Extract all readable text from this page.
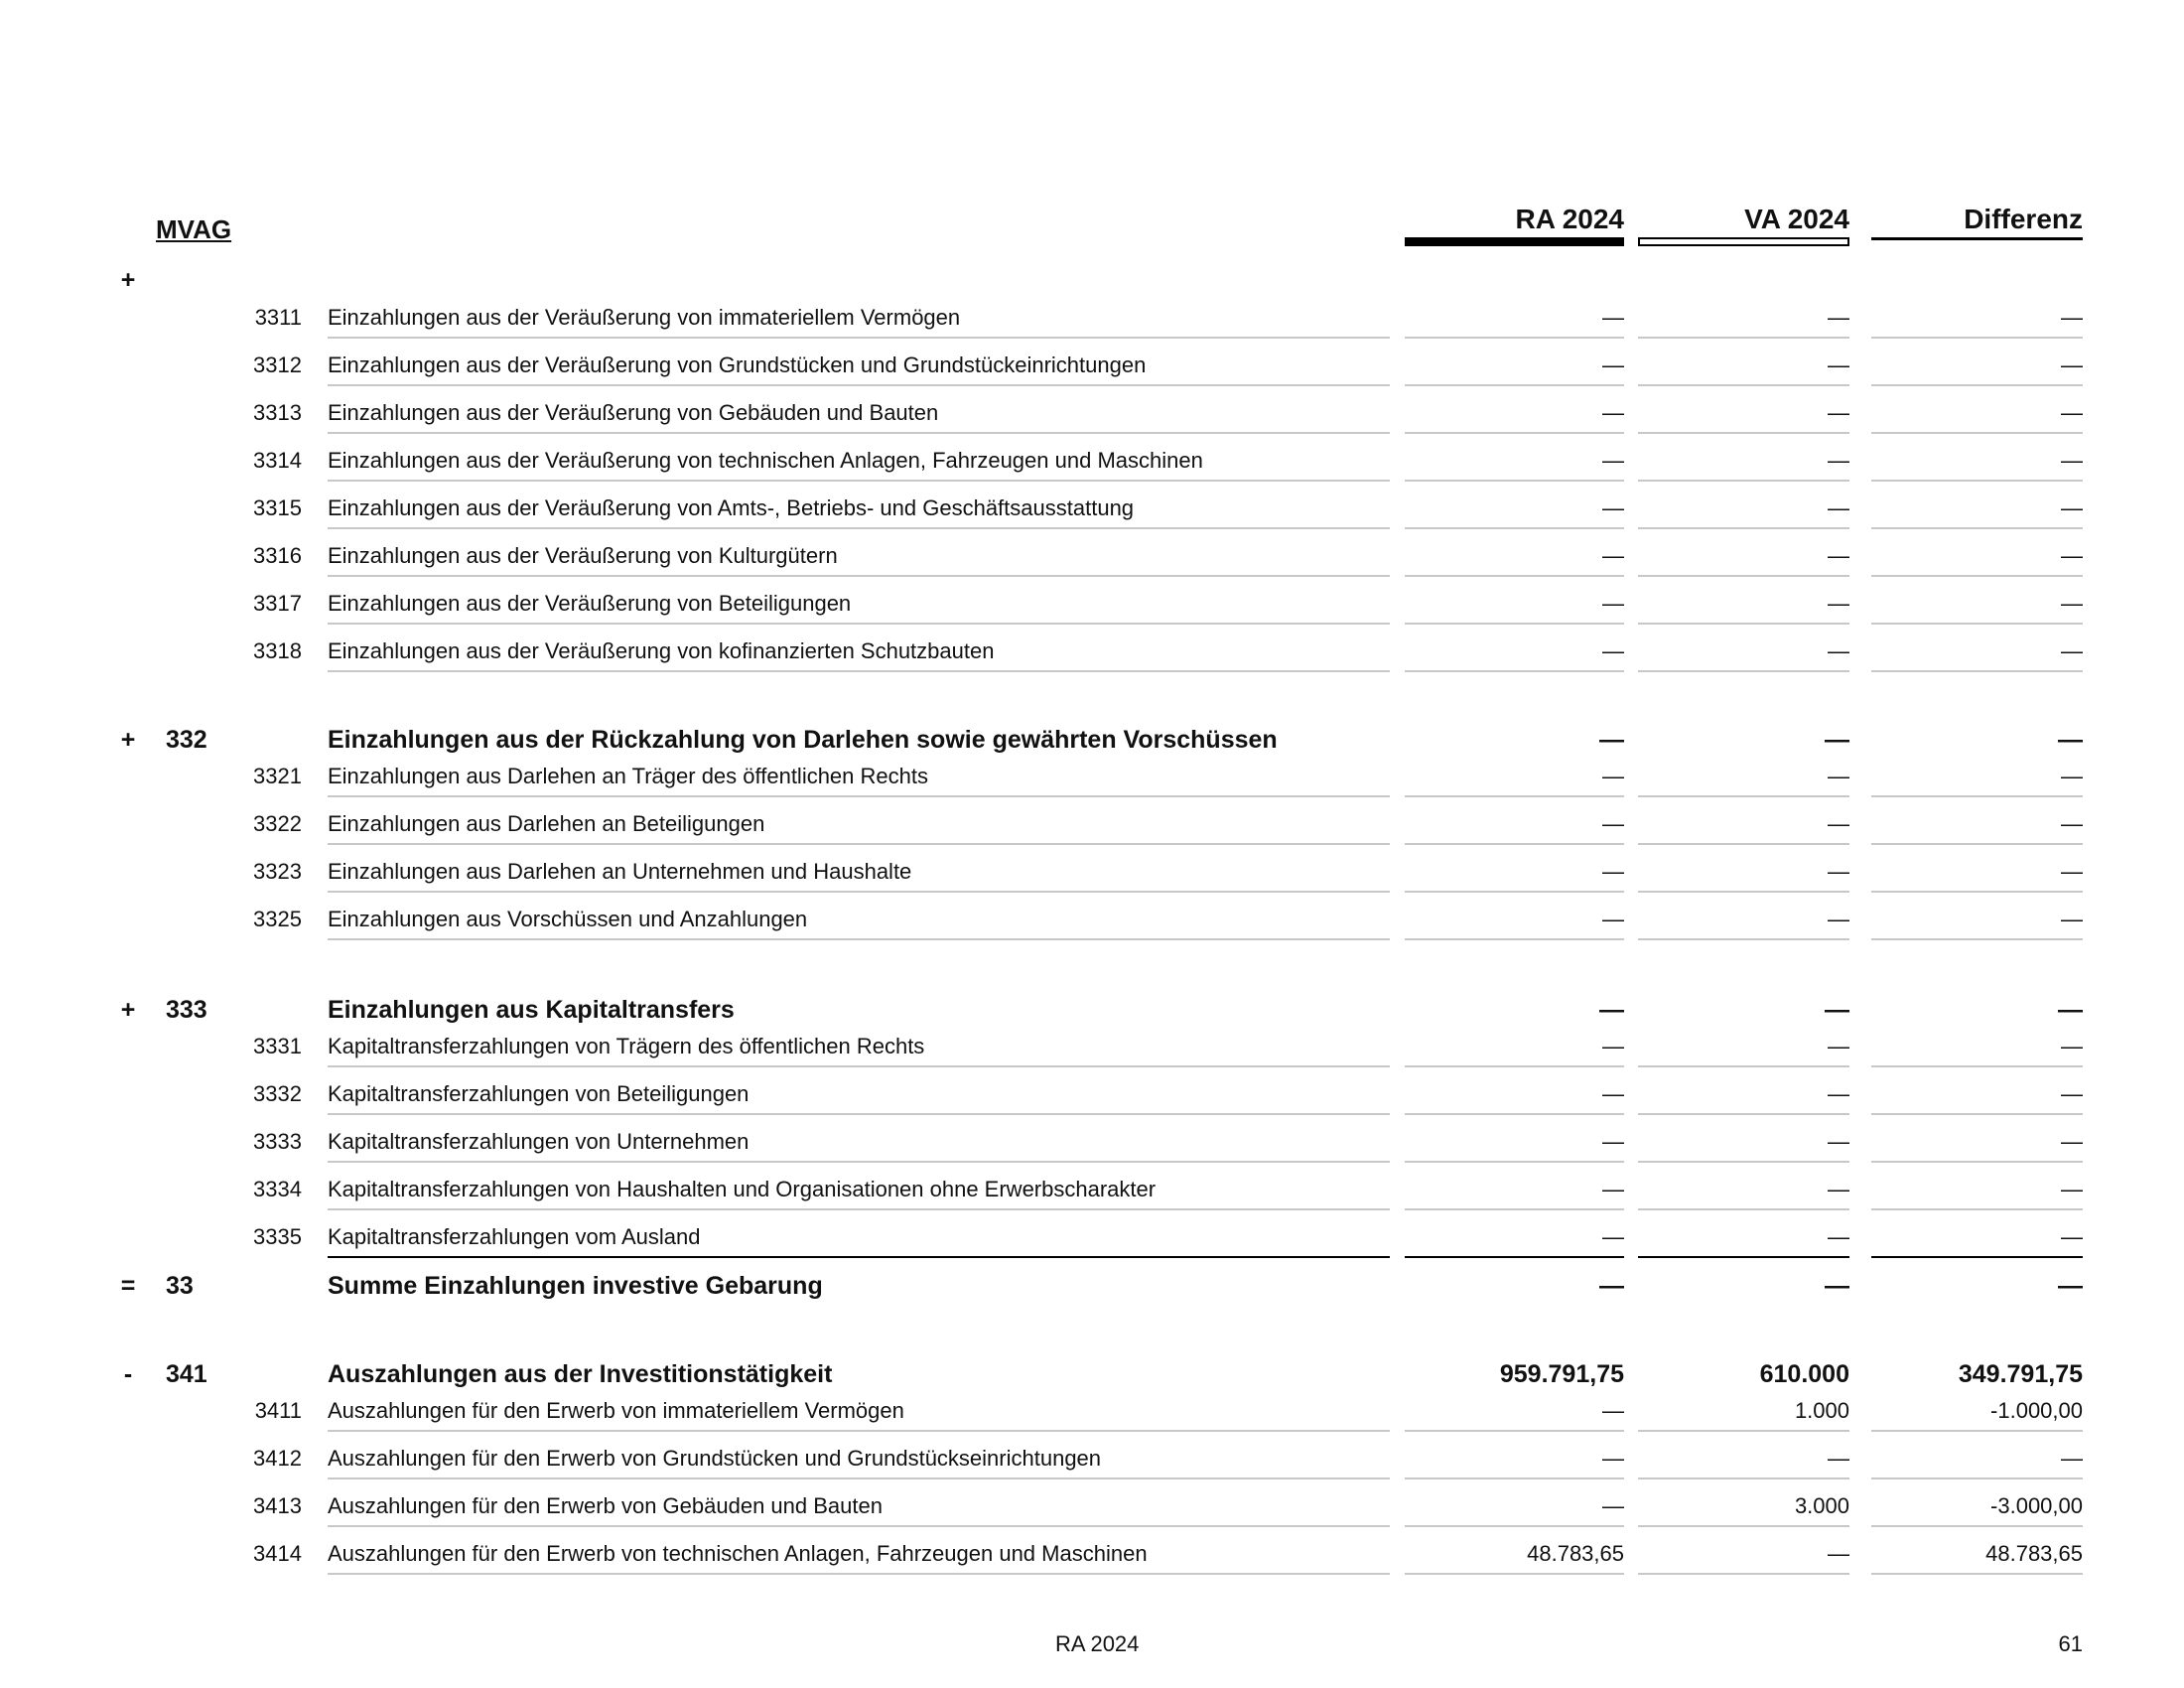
MVAG	RA 2024	VA 2024	Differenz
+
3311 Einzahlungen aus der Veräußerung von immateriellem Vermögen	—	—	—
3312 Einzahlungen aus der Veräußerung von Grundstücken und Grundstückeinrichtungen	—	—	—
3313 Einzahlungen aus der Veräußerung von Gebäuden und Bauten	—	—	—
3314 Einzahlungen aus der Veräußerung von technischen Anlagen, Fahrzeugen und Maschinen	—	—	—
3315 Einzahlungen aus der Veräußerung von Amts-, Betriebs- und Geschäftsausstattung	—	—	—
3316 Einzahlungen aus der Veräußerung von Kulturgütern	—	—	—
3317 Einzahlungen aus der Veräußerung von Beteiligungen	—	—	—
3318 Einzahlungen aus der Veräußerung von kofinanzierten Schutzbauten	—	—	—
+ 332	Einzahlungen aus der Rückzahlung von Darlehen sowie gewährten Vorschüssen	—	—	—
3321 Einzahlungen aus Darlehen an Träger des öffentlichen Rechts	—	—	—
3322 Einzahlungen aus Darlehen an Beteiligungen	—	—	—
3323 Einzahlungen aus Darlehen an Unternehmen und Haushalte	—	—	—
3325 Einzahlungen aus Vorschüssen und Anzahlungen	—	—	—
+ 333	Einzahlungen aus Kapitaltransfers	—	—	—
3331 Kapitaltransferzahlungen von Trägern des öffentlichen Rechts	—	—	—
3332 Kapitaltransferzahlungen von Beteiligungen	—	—	—
3333 Kapitaltransferzahlungen von Unternehmen	—	—	—
3334 Kapitaltransferzahlungen von Haushalten und Organisationen ohne Erwerbscharakter	—	—	—
3335 Kapitaltransferzahlungen vom Ausland	—	—	—
= 33	Summe Einzahlungen investive Gebarung	—	—	—
- 341	Auszahlungen aus der Investitionstätigkeit	959.791,75	610.000	349.791,75
3411 Auszahlungen für den Erwerb von immateriellem Vermögen	—	1.000	-1.000,00
3412 Auszahlungen für den Erwerb von Grundstücken und Grundstückseinrichtungen	—	—	—
3413 Auszahlungen für den Erwerb von Gebäuden und Bauten	—	3.000	-3.000,00
3414 Auszahlungen für den Erwerb von technischen Anlagen, Fahrzeugen und Maschinen	48.783,65	—	48.783,65
RA 2024	61
